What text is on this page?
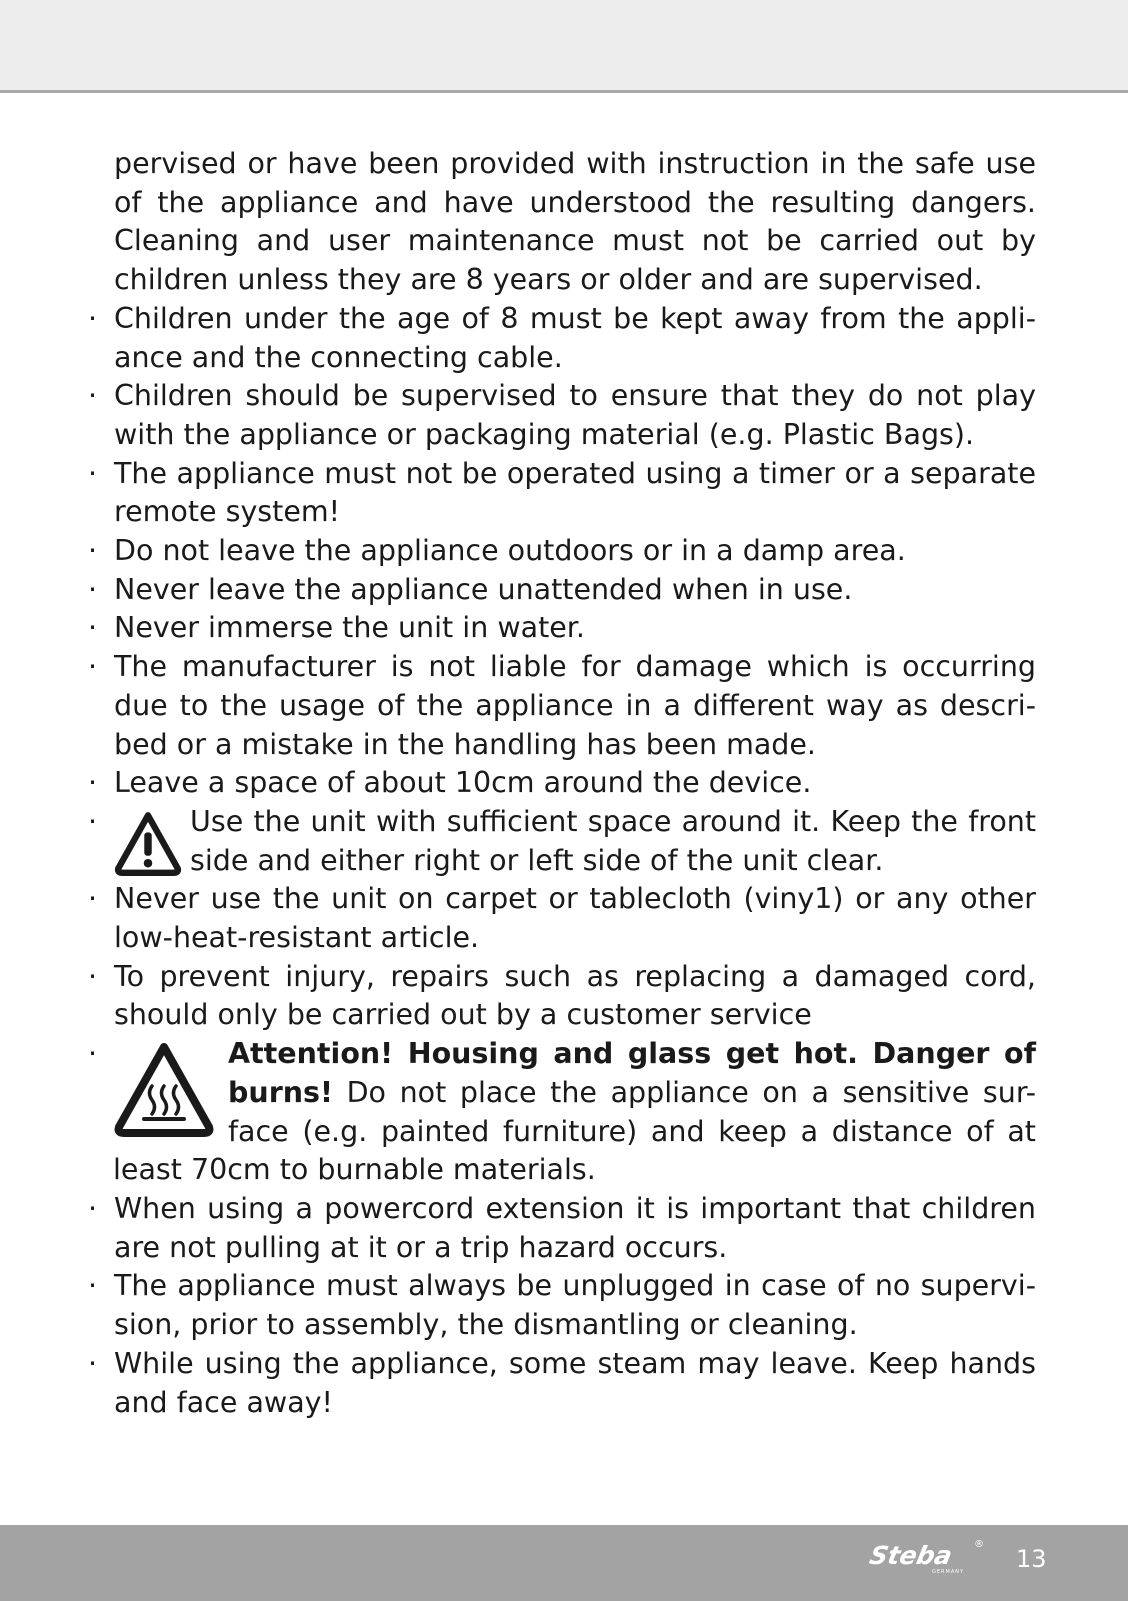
pervised or have been provided with instruction in the safe use

of the appliance and have understood the resulting dangers.

Cleaning and user maintenance must not be carried out by

children unless they are 8 years or older and are supervised.

· Children under the age of 8 must be kept away from the appli-

ance and the connecting cable.

· Children should be supervised to ensure that they do not play

with the appliance or packaging material (e.g. Plastic Bags).

· The appliance must not be operated using a timer or a separate

remote system!

· Do not leave the appliance outdoors or in a damp area.

· Never leave the appliance unattended when in use.

· Never immerse the unit in water.

· The manufacturer is not liable for damage which is occurring

due to the usage of the appliance in a different way as descri-

bed or a mistake in the handling has been made.

· Leave a space of about 10cm around the device.

·	Use the unit with sufficient space around it. Keep the front

side and either right or left side of the unit clear.

· Never use the unit on carpet or tablecloth (viny1) or any other

low-heat-resistant article.

· To prevent injury, repairs such as replacing a damaged cord,

should only be carried out by a customer service

·	Attention! Housing and glass get hot. Danger of

burns! Do not place the appliance on a sensitive sur-

face (e.g. painted furniture) and keep a distance of at

least 70cm to burnable materials.

· When using a powercord extension it is important that children

are not pulling at it or a trip hazard occurs.

· The appliance must always be unplugged in case of no supervi-

sion, prior to assembly, the dismantling or cleaning.

· While using the appliance, some steam may leave. Keep hands

and face away!

Steba ®
GERMANY 13
